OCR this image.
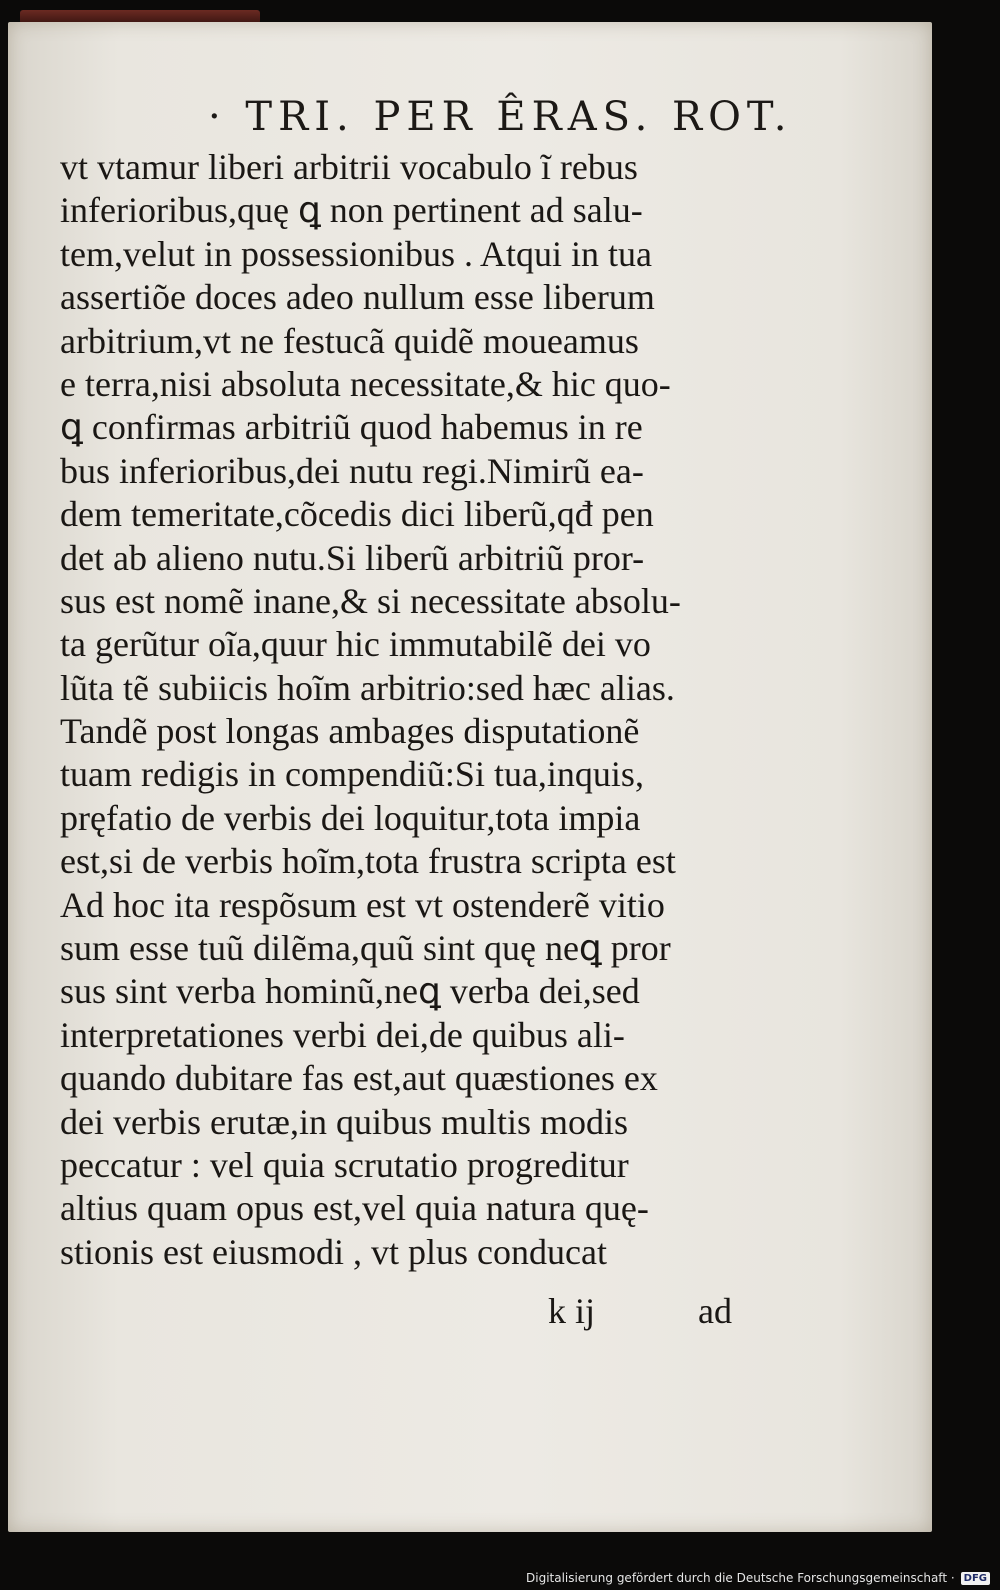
· TRI. PER ÊRAS. ROT.
vt vtamur liberi arbitrii vocabulo ĩ rebus
inferioribus,quę ꝗ non pertinent ad salu-
tem,velut in possessionibus . Atqui in tua
assertiõe doces adeo nullum esse liberum
arbitrium,vt ne festucã quidẽ moueamus
e terra,nisi absoluta necessitate,& hic quo-
ꝗ confirmas arbitriũ quod habemus in re
bus inferioribus,dei nutu regi.Nimirũ ea-
dem temeritate,cõcedis dici liberũ,qđ pen
det ab alieno nutu.Si liberũ arbitriũ pror-
sus est nomẽ inane,& si necessitate absolu-
ta gerũtur oĩa,quur hic immutabilẽ dei vo
lũta tẽ subiicis hoĩm arbitrio:sed hæc alias.
Tandẽ post longas ambages disputationẽ
tuam redigis in compendiũ:Si tua,inquis,
pręfatio de verbis dei loquitur,tota impia
est,si de verbis hoĩm,tota frustra scripta est
Ad hoc ita respõsum est vt ostenderẽ vitio
sum esse tuũ dilẽma,quũ sint quę neꝗ pror
sus sint verba hominũ,neꝗ verba dei,sed
interpretationes verbi dei,de quibus ali-
quando dubitare fas est,aut quæstiones ex
dei verbis erutæ,in quibus multis modis
peccatur : vel quia scrutatio progreditur
altius quam opus est,vel quia natura quę-
stionis est eiusmodi , vt plus conducat
k ij	ad
Digitalisierung gefördert durch die Deutsche Forschungsgemeinschaft · DFG
